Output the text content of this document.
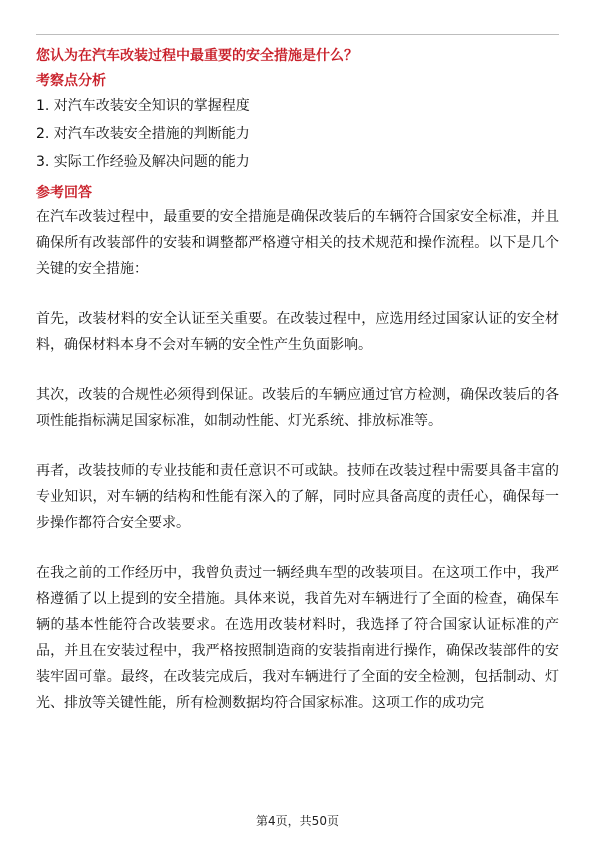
您认为在汽车改装过程中最重要的安全措施是什么？

考察点分析

1. 对汽车改装安全知识的掌握程度

2. 对汽车改装安全措施的判断能力

3. 实际工作经验及解决问题的能力

参考回答

在汽车改装过程中，最重要的安全措施是确保改装后的车辆符合国家安全标准，并且确保所有改装部件的安装和调整都严格遵守相关的技术规范和操作流程。以下是几个关键的安全措施：

首先，改装材料的安全认证至关重要。在改装过程中，应选用经过国家认证的安全材料，确保材料本身不会对车辆的安全性产生负面影响。

其次，改装的合规性必须得到保证。改装后的车辆应通过官方检测，确保改装后的各项性能指标满足国家标准，如制动性能、灯光系统、排放标准等。

再者，改装技师的专业技能和责任意识不可或缺。技师在改装过程中需要具备丰富的专业知识，对车辆的结构和性能有深入的了解，同时应具备高度的责任心，确保每一步操作都符合安全要求。

在我之前的工作经历中，我曾负责过一辆经典车型的改装项目。在这项工作中，我严格遵循了以上提到的安全措施。具体来说，我首先对车辆进行了全面的检查，确保车辆的基本性能符合改装要求。在选用改装材料时，我选择了符合国家认证标准的产品，并且在安装过程中，我严格按照制造商的安装指南进行操作，确保改装部件的安装牢固可靠。最终，在改装完成后，我对车辆进行了全面的安全检测，包括制动、灯光、排放等关键性能，所有检测数据均符合国家标准。这项工作的成功完

第4页，共50页
